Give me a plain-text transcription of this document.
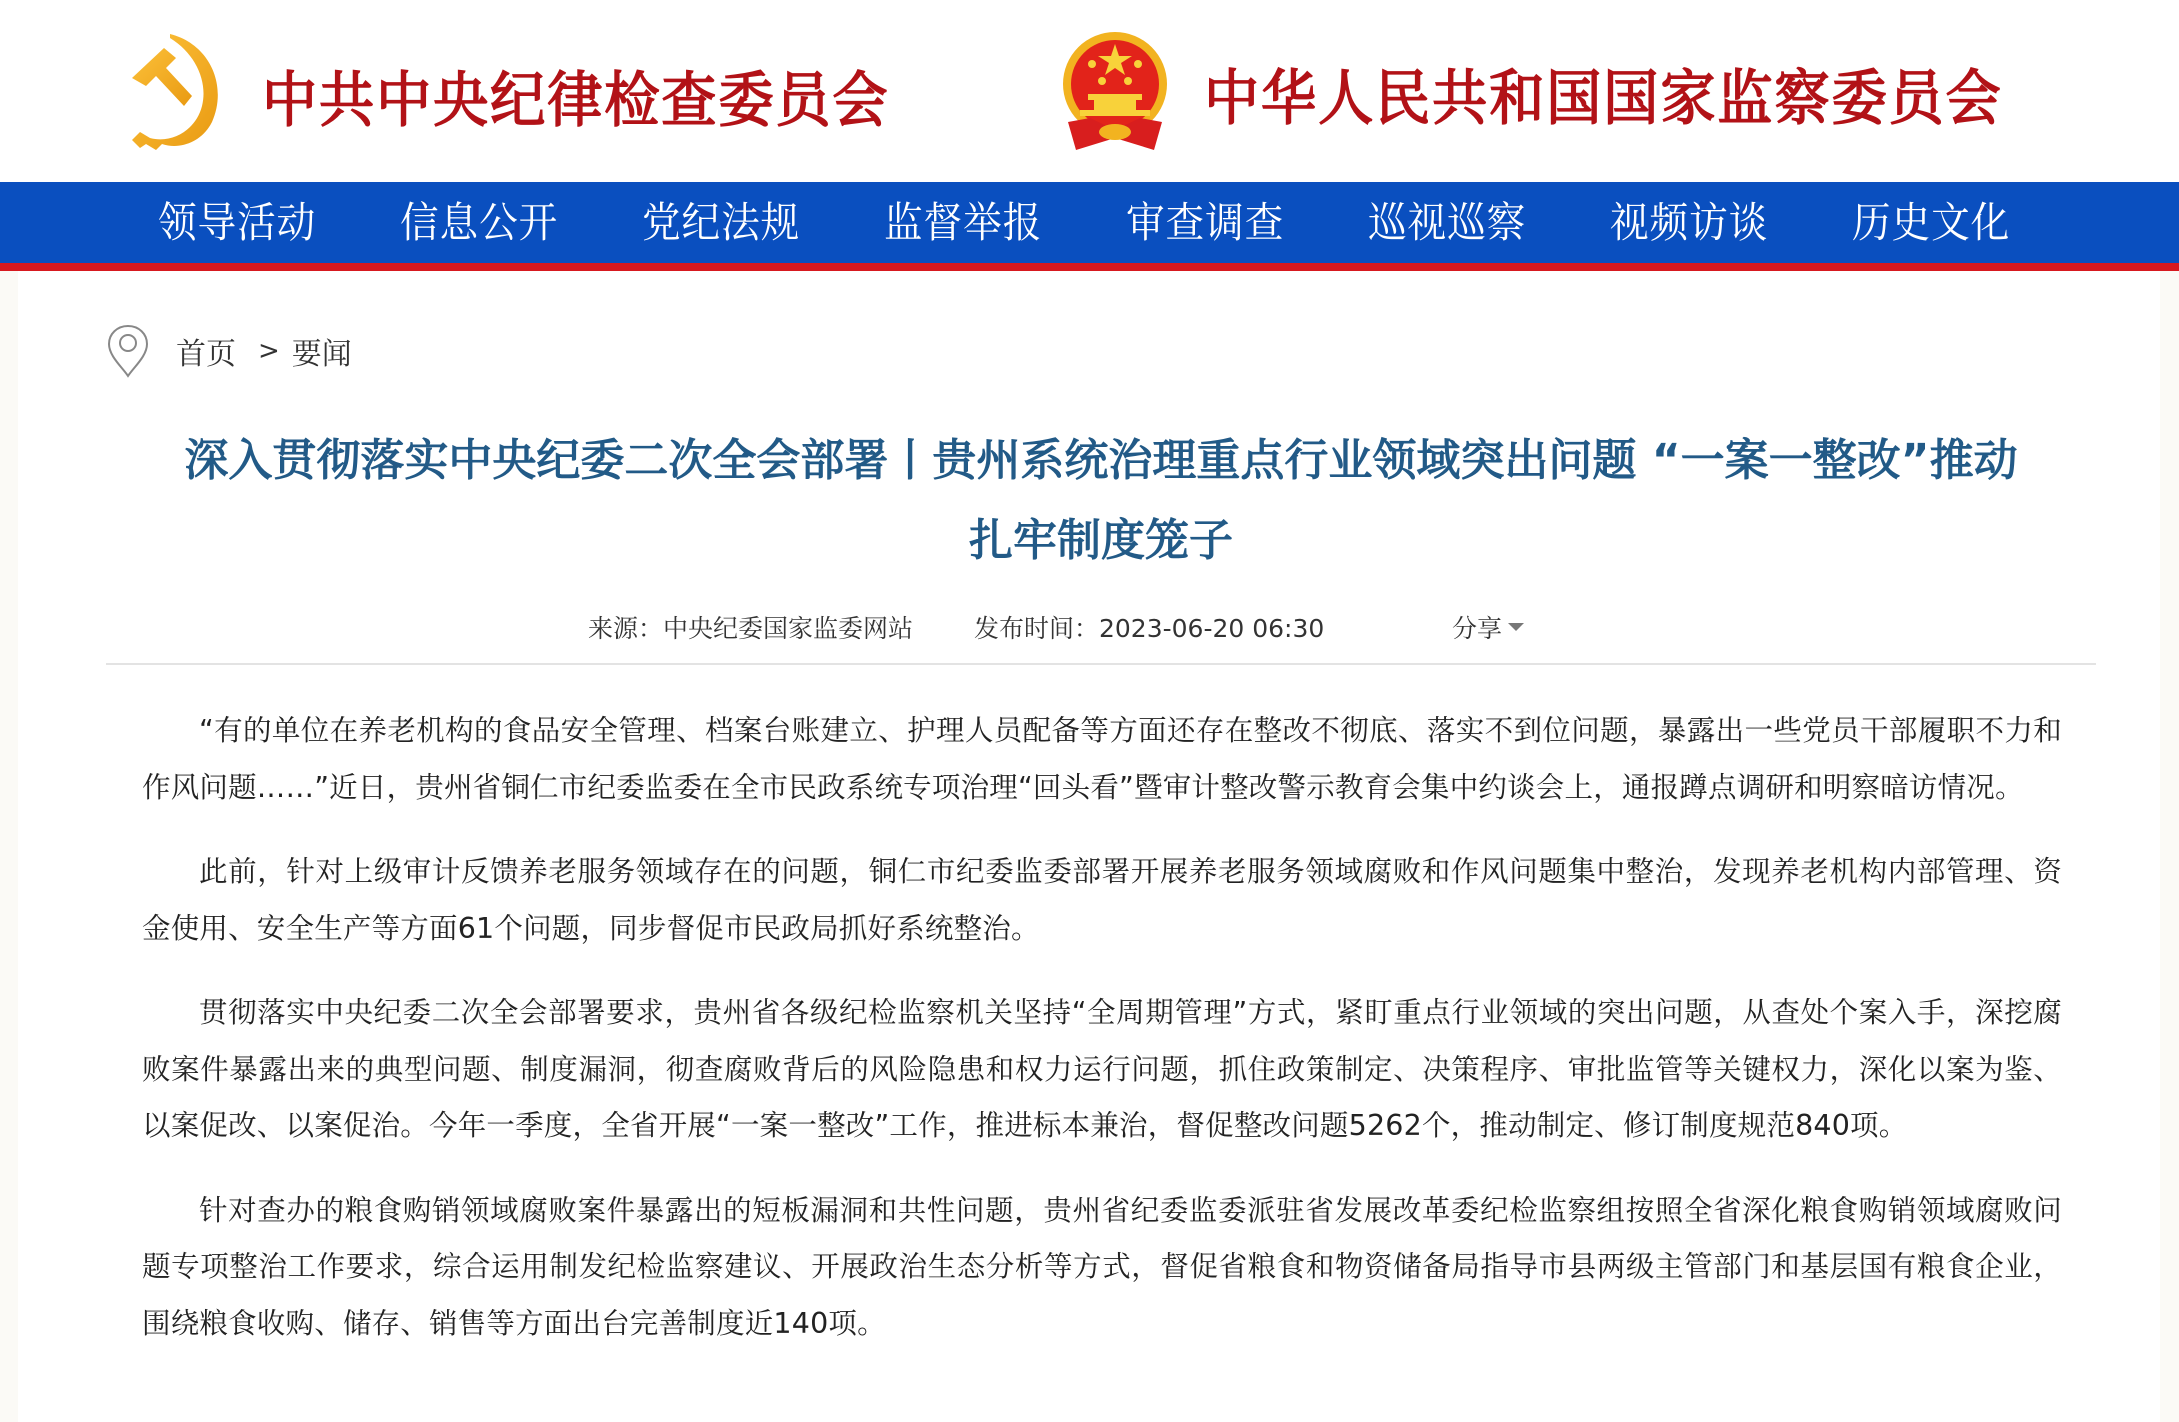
中共中央纪律检查委员会	中华人民共和国国家监察委员会
领导活动	信息公开	党纪法规	监督举报	审查调查	巡视巡察	视频访谈	历史文化
首页 > 要闻
深入贯彻落实中央纪委二次全会部署丨贵州系统治理重点行业领域突出问题 “一案一整改”推动
扎牢制度笼子
来源：中央纪委国家监委网站 发布时间：2023-06-20 06:30	分享

“有的单位在养老机构的食品安全管理、档案台账建立、护理人员配备等方面还存在整改不彻底、落实不到位问题，暴露出一些党员干部履职不力和作风问题……”近日，贵州省铜仁市纪委监委在全市民政系统专项治理“回头看”暨审计整改警示教育会集中约谈会上，通报蹲点调研和明察暗访情况。

此前，针对上级审计反馈养老服务领域存在的问题，铜仁市纪委监委部署开展养老服务领域腐败和作风问题集中整治，发现养老机构内部管理、资金使用、安全生产等方面61个问题，同步督促市民政局抓好系统整治。

贯彻落实中央纪委二次全会部署要求，贵州省各级纪检监察机关坚持“全周期管理”方式，紧盯重点行业领域的突出问题，从查处个案入手，深挖腐败案件暴露出来的典型问题、制度漏洞，彻查腐败背后的风险隐患和权力运行问题，抓住政策制定、决策程序、审批监管等关键权力，深化以案为鉴、以案促改、以案促治。今年一季度，全省开展“一案一整改”工作，推进标本兼治，督促整改问题5262个，推动制定、修订制度规范840项。

针对查办的粮食购销领域腐败案件暴露出的短板漏洞和共性问题，贵州省纪委监委派驻省发展改革委纪检监察组按照全省深化粮食购销领域腐败问题专项整治工作要求，综合运用制发纪检监察建议、开展政治生态分析等方式，督促省粮食和物资储备局指导市县两级主管部门和基层国有粮食企业，围绕粮食收购、储存、销售等方面出台完善制度近140项。
